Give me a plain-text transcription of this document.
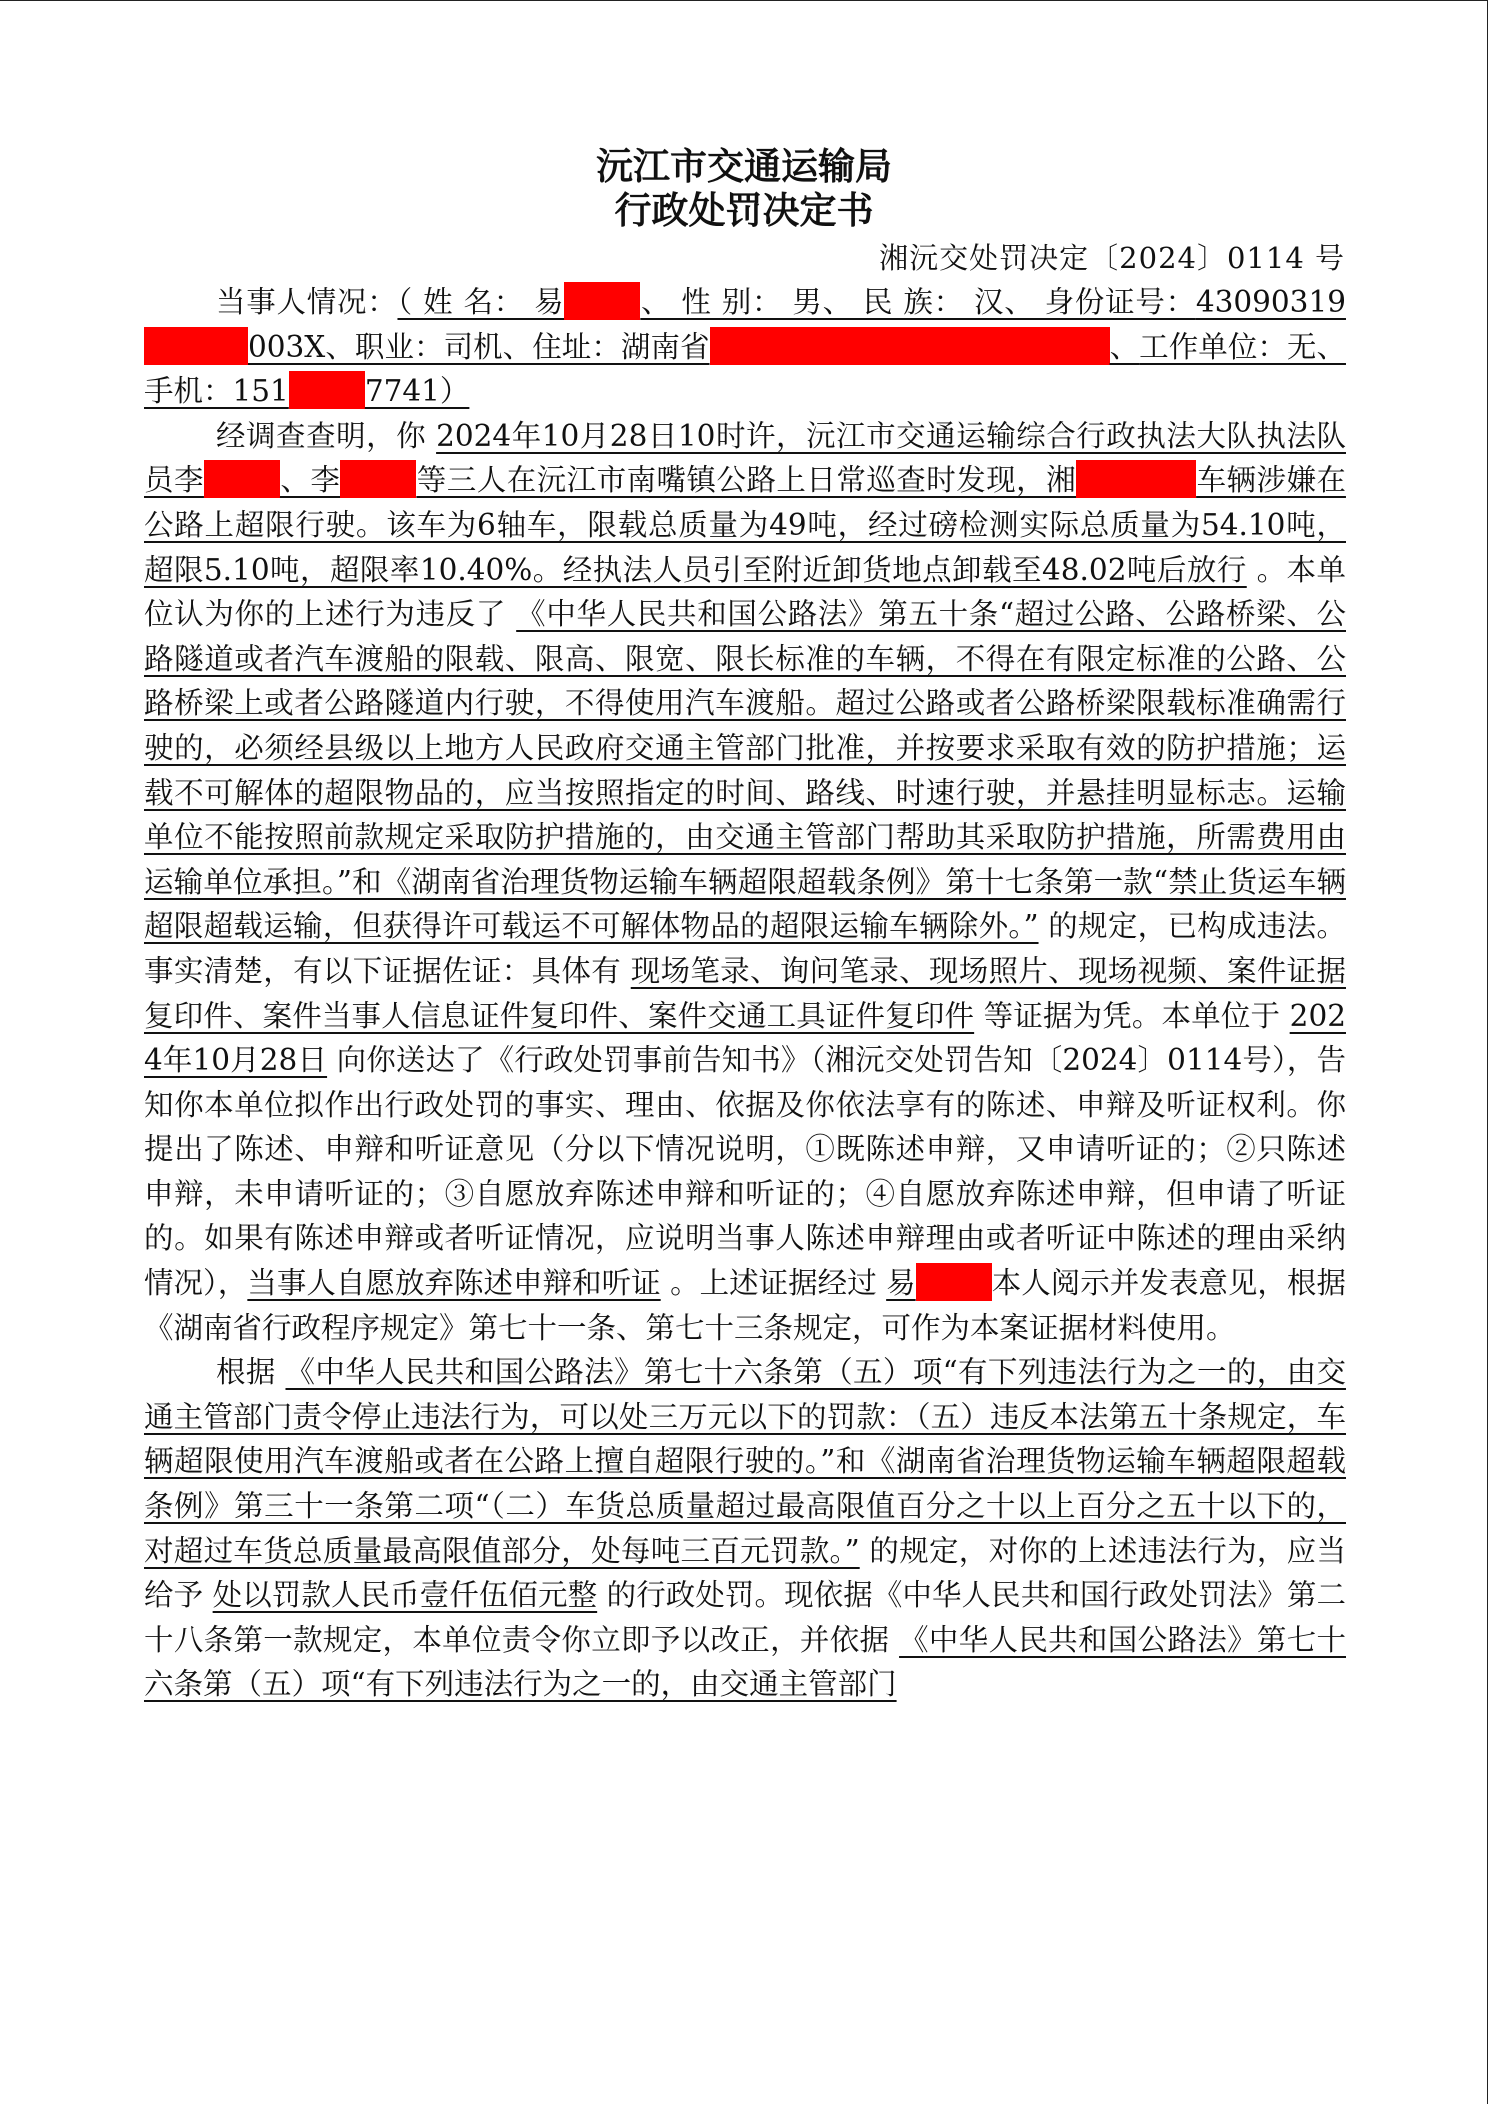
沅江市交通运输局
行政处罚决定书
湘沅交处罚决定〔2024〕0114 号

当事人情况：（ 姓 名： 易	、 性 别： 男、 民 族： 汉、 身份证号：43090319003X、职业：司机、住址：湖南省	、工作单位：无、手机：151	7741）

经调查查明，你 2024年10月28日10时许，沅江市交通运输综合行政执法大队执法队员李	、李	等三人在沅江市南嘴镇公路上日常巡查时发现，湘	车辆涉嫌在公路上超限行驶。该车为6轴车，限载总质量为49吨，经过磅检测实际总质量为54.10吨，超限5.10吨，超限率10.40%。经执法人员引至附近卸货地点卸载至48.02吨后放行 。本单位认为你的上述行为违反了 《中华人民共和国公路法》第五十条“超过公路、公路桥梁、公路隧道或者汽车渡船的限载、限高、限宽、限长标准的车辆，不得在有限定标准的公路、公路桥梁上或者公路隧道内行驶，不得使用汽车渡船。超过公路或者公路桥梁限载标准确需行驶的，必须经县级以上地方人民政府交通主管部门批准，并按要求采取有效的防护措施；运载不可解体的超限物品的，应当按照指定的时间、路线、时速行驶，并悬挂明显标志。运输单位不能按照前款规定采取防护措施的，由交通主管部门帮助其采取防护措施，所需费用由运输单位承担。”和《湖南省治理货物运输车辆超限超载条例》第十七条第一款“禁止货运车辆超限超载运输，但获得许可载运不可解体物品的超限运输车辆除外。” 的规定，已构成违法。事实清楚，有以下证据佐证：具体有 现场笔录、询问笔录、现场照片、现场视频、案件证据复印件、案件当事人信息证件复印件、案件交通工具证件复印件 等证据为凭。本单位于 2024年10月28日 向你送达了《行政处罚事前告知书》（湘沅交处罚告知〔2024〕0114号），告知你本单位拟作出行政处罚的事实、理由、依据及你依法享有的陈述、申辩及听证权利。你提出了陈述、申辩和听证意见（分以下情况说明，①既陈述申辩，又申请听证的；②只陈述申辩，未申请听证的；③自愿放弃陈述申辩和听证的；④自愿放弃陈述申辩，但申请了听证的。如果有陈述申辩或者听证情况，应说明当事人陈述申辩理由或者听证中陈述的理由采纳情况），当事人自愿放弃陈述申辩和听证 。上述证据经过 易	本人阅示并发表意见，根据《湖南省行政程序规定》第七十一条、第七十三条规定，可作为本案证据材料使用。

根据 《中华人民共和国公路法》第七十六条第（五）项“有下列违法行为之一的，由交通主管部门责令停止违法行为，可以处三万元以下的罚款：（五）违反本法第五十条规定，车辆超限使用汽车渡船或者在公路上擅自超限行驶的。”和《湖南省治理货物运输车辆超限超载条例》第三十一条第二项“（二）车货总质量超过最高限值百分之十以上百分之五十以下的，对超过车货总质量最高限值部分，处每吨三百元罚款。” 的规定，对你的上述违法行为，应当给予 处以罚款人民币壹仟伍佰元整 的行政处罚。现依据《中华人民共和国行政处罚法》第二十八条第一款规定，本单位责令你立即予以改正，并依据 《中华人民共和国公路法》第七十六条第（五）项“有下列违法行为之一的，由交通主管部门
